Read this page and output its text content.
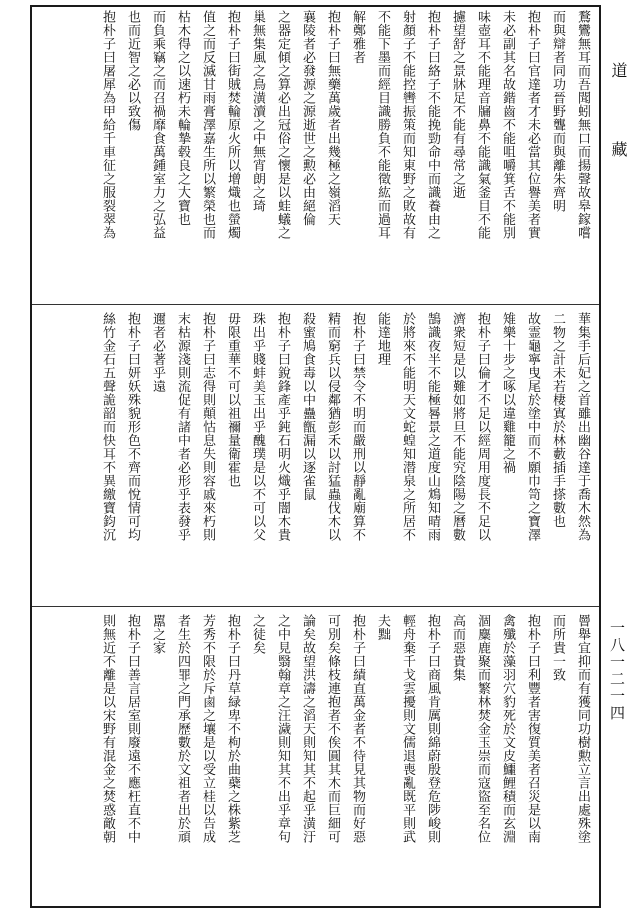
鶩鸞無耳而吾聞蚓無口而揚聲故皋鎵嚐
而與辯者同功晉野聾而與離朱齊明
抱朴子曰官達者才未必當其位譽美者實
未必副其名故鍇齒不能咀嚼箕舌不能別
味壺耳不能理音牖鼻不能識氣釜目不能
攄望舒之景牀足不能有尋常之逝
抱朴子曰絡子不能挽勁命中而識養由之
射顏子不能控轡振策而知東野之敗故有
不能下墨而經目識勝負不能徵紘而過耳
解鄭雅者
抱朴子曰無藥萬歲者出幾極之嶺滔天
襄陵者必發源之源逝世之勲必由絕倫
之器定傾之算必出冠俗之懷是以蛙蟻之
巢無集風之鳥潢瀆之中無宵朗之琦
抱朴子曰街賊焚輪原火所以增熾也螢燭
值之而反滅甘雨膏澤嘉生所以繁榮也而
枯木得之以速朽未輪摯毂良之大寶也
而負乘竊之而召禍靡食萬鍾室力之弘益
也而近智之必以致傷
抱朴子曰屠犀為甲給千車征之服裂翠為
華集手后妃之首雖出幽谷達于喬木然為
二物之計未若棲寘於林藪插手搽數也
故霊龜寧曳尾於塗中而不願巾笥之寶澤
雉樂十步之啄以違雞籠之禍
抱朴子曰倫才不足以經周用度長不足以
濟衆短是以難如將旦不能究陰陽之曆數
鵠識夜半不能極晷景之道度山鴆知晴雨
於將來不能明天文蛇蝗知潜泉之所居不
能達地理
抱朴子曰禁令不明而嚴刑以靜亂廟算不
精而窮兵以侵鄰猶彭禾以討猛蟲伐木以
殺蜜鳩食毒以中蠱甑漏以逐雀鼠
抱朴子曰銳鋒產乎鈍石明火熾乎闇木貴
珠出乎賤蚌美玉出乎醜璞是以不可以父
毋限重華不可以祖禰量衛霍也
抱朴子曰志得則顛怙息失則容戚來朽則
末枯源淺則流促有諸中者必形乎表發乎
邇者必著乎遠
抱朴子曰妍妖殊貌形色不齊而悅情可均
絲竹金石五聲詭韶而快耳不異繳寶鈞沉
罾舉宜抑而有獲同功樹勲立言出處殊塗
而所貴一致
抱朴子曰利豐者害復質美者召災是以南
禽殲於藻羽穴豹死於文皮鱷鯉積而玄淵
涸麋鹿聚而繁林焚金玉崇而寇盜至名位
高而惡貴集
抱朴子曰商風肯厲則綿蔚殷登危陟峻則
輕舟棄千戈雲擾則文儒退喪亂既平則武
夫黜
抱朴子曰績直萬金者不待見其物而好惡
可別矣條枝連抱者不俟圓其木而巨細可
論矣故望洪濤之滔天則知其不起乎潢汙
之中見翳翰章之汪濊則知其不出乎章句
之徒矣
抱朴子曰丹草緑卑不枸於曲蘗之株紫芝
芳秀不限於斥鹵之壤是以受立桂以告成
者生於四罪之門承歷數於文祖者出於頑
嚚之家
抱朴子曰善言居室則廢遠不應枉直不中
則無近不離是以宋野有混金之焚惑敵朝
道 藏
一八一二一四
